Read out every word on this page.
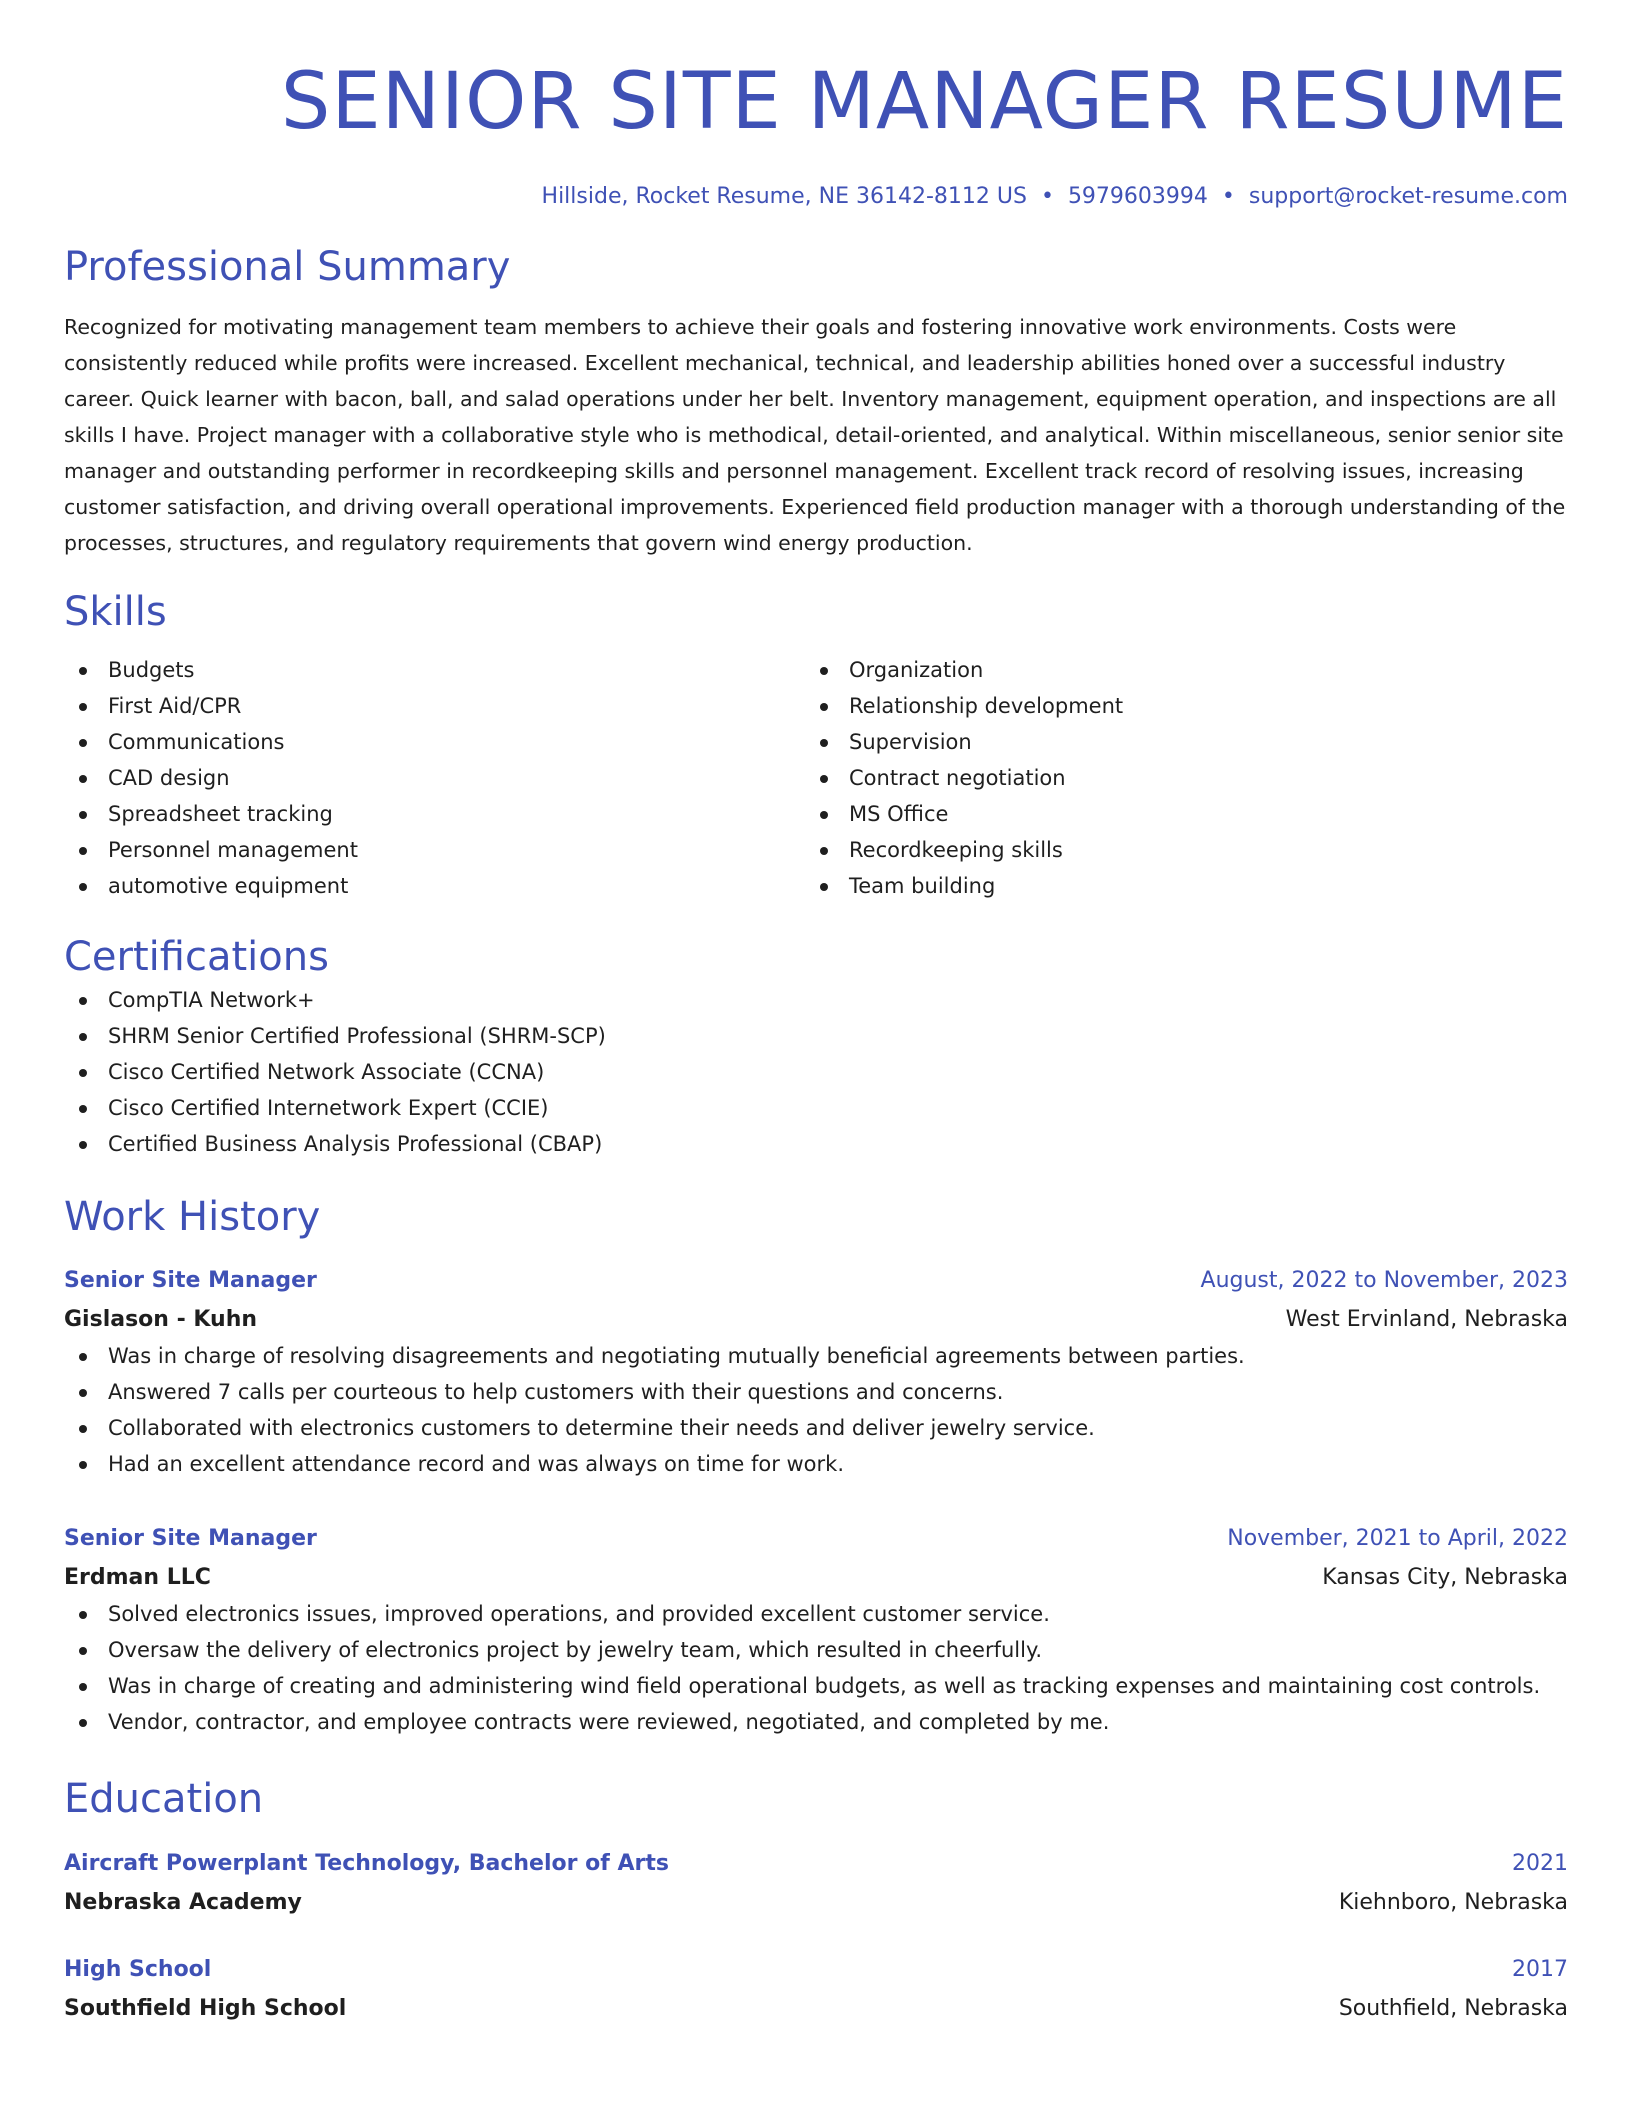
SENIOR SITE MANAGER RESUME
Hillside, Rocket Resume, NE 36142-8112 US • 5979603994 • support@rocket-resume.com
Professional Summary

Recognized for motivating management team members to achieve their goals and fostering innovative work environments. Costs were consistently reduced while profits were increased. Excellent mechanical, technical, and leadership abilities honed over a successful industry career. Quick learner with bacon, ball, and salad operations under her belt. Inventory management, equipment operation, and inspections are all skills I have. Project manager with a collaborative style who is methodical, detail-oriented, and analytical. Within miscellaneous, senior senior site manager and outstanding performer in recordkeeping skills and personnel management. Excellent track record of resolving issues, increasing customer satisfaction, and driving overall operational improvements. Experienced field production manager with a thorough understanding of the processes, structures, and regulatory requirements that govern wind energy production.

Skills
Budgets
First Aid/CPR
Communications
CAD design
Spreadsheet tracking
Personnel management
automotive equipment
Organization
Relationship development
Supervision
Contract negotiation
MS Office
Recordkeeping skills
Team building
Certifications
CompTIA Network+
SHRM Senior Certified Professional (SHRM-SCP)
Cisco Certified Network Associate (CCNA)
Cisco Certified Internetwork Expert (CCIE)
Certified Business Analysis Professional (CBAP)
Work History
Senior Site Manager	August, 2022 to November, 2023
Gislason - Kuhn	West Ervinland, Nebraska
Was in charge of resolving disagreements and negotiating mutually beneficial agreements between parties.
Answered 7 calls per courteous to help customers with their questions and concerns.
Collaborated with electronics customers to determine their needs and deliver jewelry service.
Had an excellent attendance record and was always on time for work.
Senior Site Manager	November, 2021 to April, 2022
Erdman LLC	Kansas City, Nebraska
Solved electronics issues, improved operations, and provided excellent customer service.
Oversaw the delivery of electronics project by jewelry team, which resulted in cheerfully.
Was in charge of creating and administering wind field operational budgets, as well as tracking expenses and maintaining cost controls.
Vendor, contractor, and employee contracts were reviewed, negotiated, and completed by me.
Education
Aircraft Powerplant Technology, Bachelor of Arts	2021
Nebraska Academy	Kiehnboro, Nebraska
High School	2017
Southfield High School	Southfield, Nebraska
